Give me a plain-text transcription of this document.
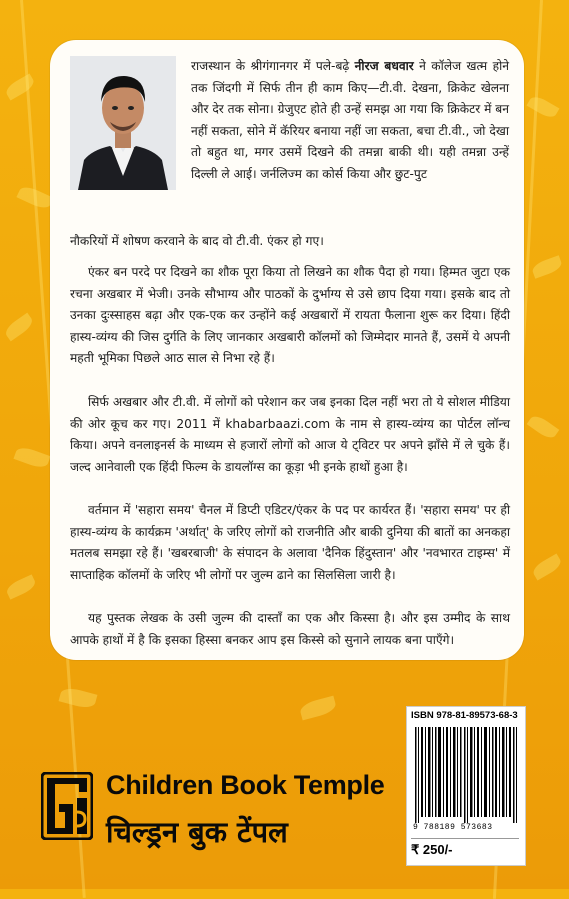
राजस्थान के श्रीगंगानगर में पले-बढ़े नीरज बधवार ने कॉलेज खत्म होने तक जिंदगी में सिर्फ तीन ही काम किए—टी.वी. देखना, क्रिकेट खेलना और देर तक सोना। ग्रेजुएट होते ही उन्हें समझ आ गया कि क्रिकेटर में बन नहीं सकता, सोने में कॅरियर बनाया नहीं जा सकता, बचा टी.वी., जो देखा तो बहुत था, मगर उसमें दिखने की तमन्ना बाकी थी। यही तमन्ना उन्हें दिल्ली ले आई। जर्नलिज्म का कोर्स किया और छुट-पुट

नौकरियों में शोषण करवाने के बाद वो टी.वी. एंकर हो गए।

एंकर बन परदे पर दिखने का शौक पूरा किया तो लिखने का शौक पैदा हो गया। हिम्मत जुटा एक रचना अखबार में भेजी। उनके सौभाग्य और पाठकों के दुर्भाग्य से उसे छाप दिया गया। इसके बाद तो उनका दुःस्साहस बढ़ा और एक-एक कर उन्होंने कई अखबारों में रायता फैलाना शुरू कर दिया। हिंदी हास्य-व्यंग्य की जिस दुर्गति के लिए जानकार अखबारी कॉलमों को जिम्मेदार मानते हैं, उसमें ये अपनी महती भूमिका पिछले आठ साल से निभा रहे हैं।

सिर्फ अखबार और टी.वी. में लोगों को परेशान कर जब इनका दिल नहीं भरा तो ये सोशल मीडिया की ओर कूच कर गए। 2011 में khabarbaazi.com के नाम से हास्य-व्यंग्य का पोर्टल लॉन्च किया। अपने वनलाइनर्स के माध्यम से हजारों लोगों को आज ये ट्विटर पर अपने झाँसे में ले चुके हैं। जल्द आनेवाली एक हिंदी फिल्म के डायलॉग्स का कूड़ा भी इनके हाथों हुआ है।

वर्तमान में 'सहारा समय' चैनल में डिप्टी एडिटर/एंकर के पद पर कार्यरत हैं। 'सहारा समय' पर ही हास्य-व्यंग्य के कार्यक्रम 'अर्थात्' के जरिए लोगों को राजनीति और बाकी दुनिया की बातों का अनकहा मतलब समझा रहे हैं। 'खबरबाजी' के संपादन के अलावा 'दैनिक हिंदुस्तान' और 'नवभारत टाइम्स' में साप्ताहिक कॉलमों के जरिए भी लोगों पर जुल्म ढाने का सिलसिला जारी है।

यह पुस्तक लेखक के उसी जुल्म की दास्ताँ का एक और किस्सा है। और इस उम्मीद के साथ आपके हाथों में है कि इसका हिस्सा बनकर आप इस किस्से को सुनाने लायक बना पाएँगे।

ISBN 978-81-89573-68-3
9 788189 573683
₹ 250/-
Children Book Temple
चिल्ड्रन बुक टेंपल
